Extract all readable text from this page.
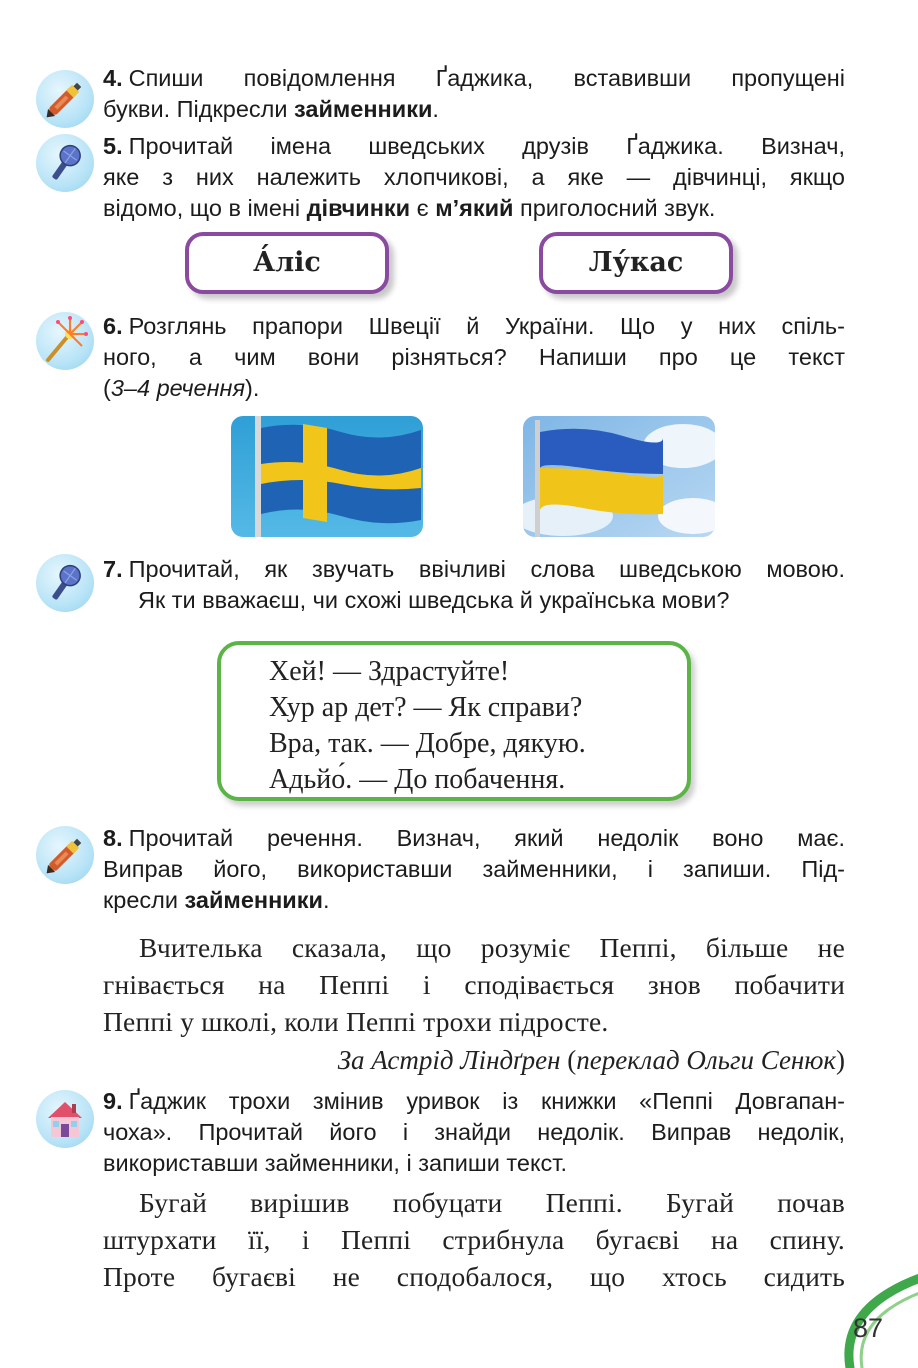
4. Спиши повідомлення Ґаджика, вставивши пропущені
букви. Підкресли займенники.
5. Прочитай імена шведських друзів Ґаджика. Визнач,
яке з них належить хлопчикові, а яке — дівчинці, якщо
відомо, що в імені дівчинки є м’який приголосний звук.
А́ліс	Лу́кас
6. Розглянь прапори Швеції й України. Що у них спіль-
ного, а чим вони різняться? Напиши про це текст
(3–4 речення).
7. Прочитай, як звучать ввічливі слова шведською мовою.
Як ти вважаєш, чи схожі шведська й українська мови?
Хей! — Здрастуйте!
Хур ар дет? — Як справи?
Вра, так. — Добре, дякую.
Адьйо́. — До побачення.
8. Прочитай речення. Визнач, який недолік воно має.
Виправ його, використавши займенники, і запиши. Під-
кресли займенники.
Вчителька сказала, що розуміє Пеппі, більше не
гнівається на Пеппі і сподівається знов побачити
Пеппі у школі, коли Пеппі трохи підросте.
За Астрід Ліндґрен (переклад Ольги Сенюк)
9. Ґаджик трохи змінив уривок із книжки «Пеппі Довгапан-
чоха». Прочитай його і знайди недолік. Виправ недолік,
використавши займенники, і запиши текст.
Бугай вирішив побуцати Пеппі. Бугай почав
штурхати її, і Пеппі стрибнула бугаєві на спину.
Проте бугаєві не сподобалося, що хтось сидить
87
